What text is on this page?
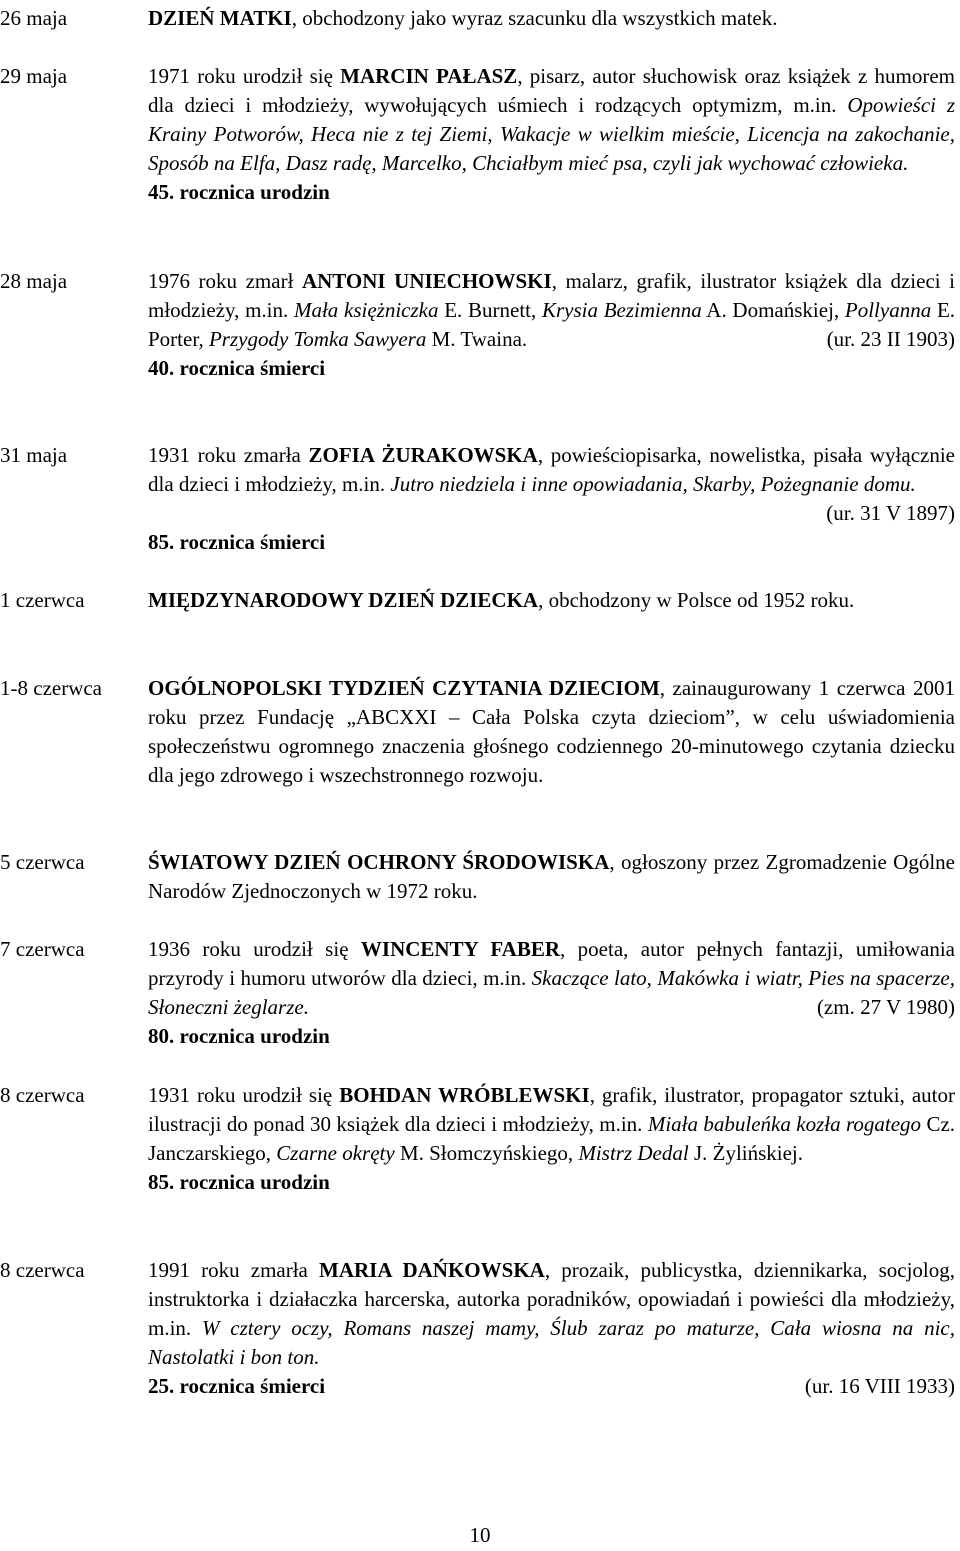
26 maja	DZIEŃ MATKI, obchodzony jako wyraz szacunku dla wszystkich matek.
29 maja	1971 roku urodził się MARCIN PAŁASZ, pisarz, autor słuchowisk oraz książek z humorem dla dzieci i młodzieży, wywołujących uśmiech i rodzących optymizm, m.in. Opowieści z Krainy Potworów, Heca nie z tej Ziemi, Wakacje w wielkim mieście, Licencja na zakochanie, Sposób na Elfa, Dasz radę, Marcelko, Chciałbym mieć psa, czyli jak wychować człowieka.
45. rocznica urodzin
28 maja	1976 roku zmarł ANTONI UNIECHOWSKI, malarz, grafik, ilustrator książek dla dzieci i młodzieży, m.in. Mała księżniczka E. Burnett, Krysia Bezimienna A. Domańskiej, Pollyanna E. Porter, Przygody Tomka Sawyera M. Twaina.	(ur. 23 II 1903)
40. rocznica śmierci
31 maja	1931 roku zmarła ZOFIA ŻURAKOWSKA, powieściopisarka, nowelistka, pisała wyłącznie dla dzieci i młodzieży, m.in. Jutro niedziela i inne opowiadania, Skarby, Pożegnanie domu.
(ur. 31 V 1897)
85. rocznica śmierci
1 czerwca	MIĘDZYNARODOWY DZIEŃ DZIECKA, obchodzony w Polsce od 1952 roku.
1-8 czerwca	OGÓLNOPOLSKI TYDZIEŃ CZYTANIA DZIECIOM, zainaugurowany 1 czerwca 2001 roku przez Fundację „ABCXXI – Cała Polska czyta dzieciom”, w celu uświadomienia społeczeństwu ogromnego znaczenia głośnego codziennego 20-minutowego czytania dziecku dla jego zdrowego i wszechstronnego rozwoju.
5 czerwca	ŚWIATOWY DZIEŃ OCHRONY ŚRODOWISKA, ogłoszony przez Zgromadzenie Ogólne Narodów Zjednoczonych w 1972 roku.
7 czerwca	1936 roku urodził się WINCENTY FABER, poeta, autor pełnych fantazji, umiłowania przyrody i humoru utworów dla dzieci, m.in. Skaczące lato, Makówka i wiatr, Pies na spacerze, Słoneczni żeglarze.	(zm. 27 V 1980)
80. rocznica urodzin
8 czerwca	1931 roku urodził się BOHDAN WRÓBLEWSKI, grafik, ilustrator, propagator sztuki, autor ilustracji do ponad 30 książek dla dzieci i młodzieży, m.in. Miała babuleńka kozła rogatego Cz. Janczarskiego, Czarne okręty M. Słomczyńskiego, Mistrz Dedal J. Żylińskiej.
85. rocznica urodzin
8 czerwca	1991 roku zmarła MARIA DAŃKOWSKA, prozaik, publicystka, dziennikarka, socjolog, instruktorka i działaczka harcerska, autorka poradników, opowiadań i powieści dla młodzieży, m.in. W cztery oczy, Romans naszej mamy, Ślub zaraz po maturze, Cała wiosna na nic, Nastolatki i bon ton.
25. rocznica śmierci	(ur. 16 VIII 1933)
10
